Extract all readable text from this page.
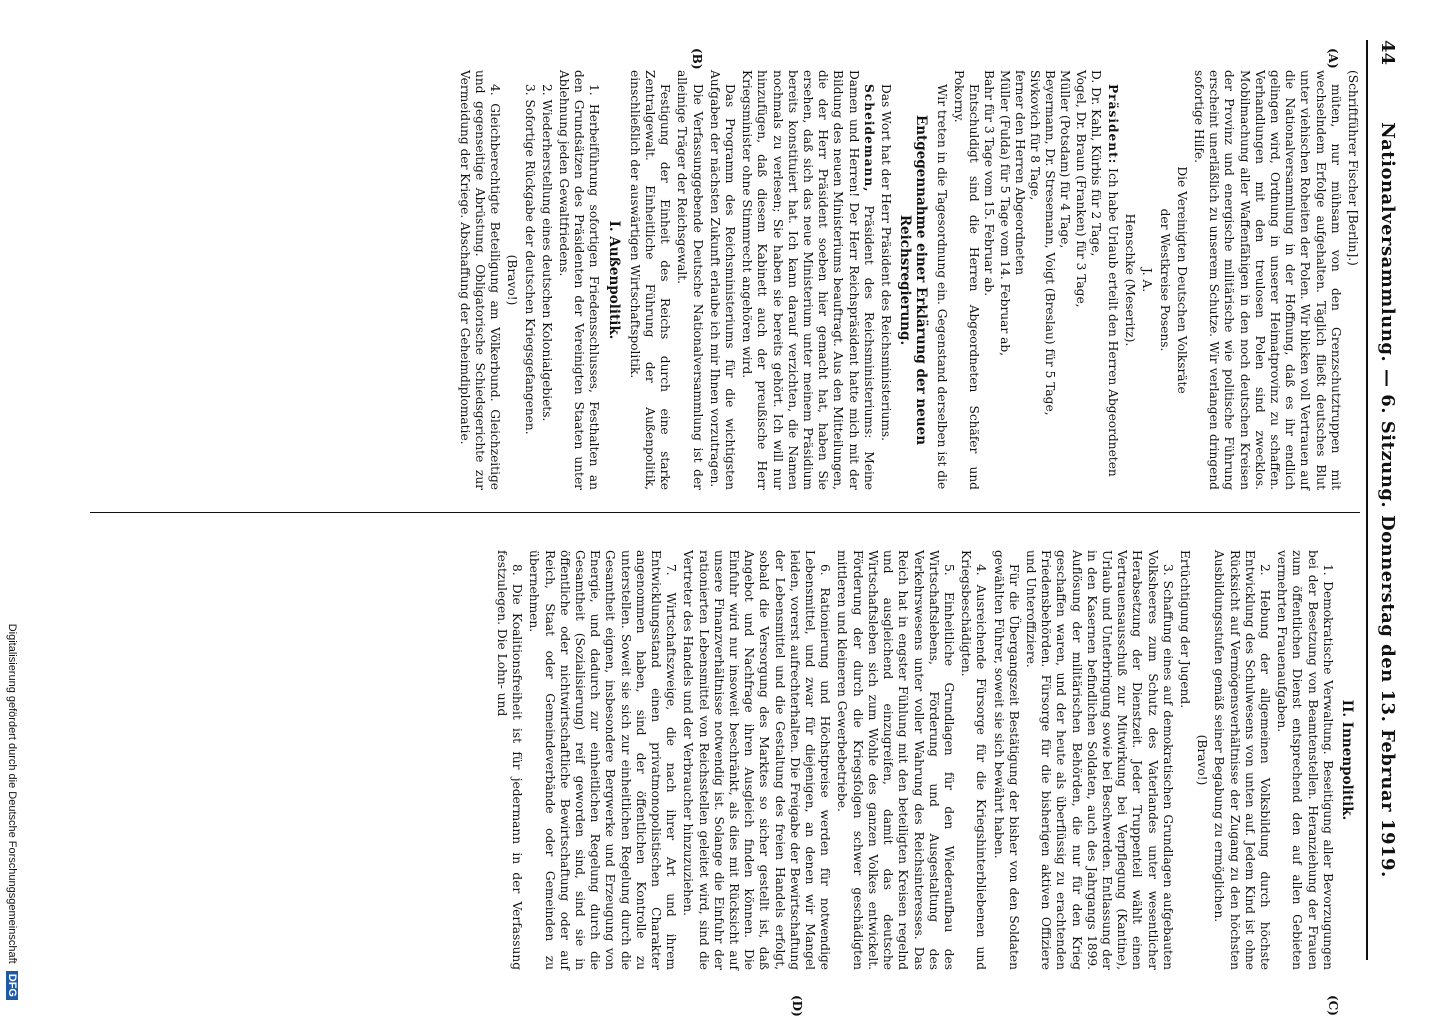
Digitalisierung gefördert durch die Deutsche Forschungsgemeinschaft DFG
44
Nationalversammlung. — 6. Sitzung. Donnerstag den 13. Februar 1919.
(A)
(B)
(C)
(D)

(Schriftführer Fischer [Berlin].)

müten, nur mühsam von den Grenzschutztruppen mit wechselndem Erfolge aufgehalten. Täglich fließt deutsches Blut unter viehischen Roheiten der Polen. Wir blicken voll Vertrauen auf die Nationalversammlung in der Hoffnung, daß es ihr endlich gelingen wird, Ordnung in unserer Heimatprovinz zu schaffen. Verhandlungen mit den treulosen Polen sind zwecklos. Mobilmachung aller Waffenfähigen in den noch deutschen Kreisen der Provinz und energische militärische wie politische Führung erscheint unerläßlich zu unserem Schutze. Wir verlangen dringend sofortige Hilfe.

Die Vereinigten Deutschen Volksräte

der Westkreise Posens.

J. A.

Henschke (Meseritz).

Präsident: Ich habe Urlaub erteilt den Herren Abgeordneten

D. Dr. Kahl, Kürbis für 2 Tage,

Vogel, Dr. Braun (Franken) für 3 Tage,

Müller (Potsdam) für 4 Tage,

Beyermann, Dr. Stresemann, Voigt (Breslau) für 5 Tage,

Sivkovich für 8 Tage,

ferner den Herren Abgeordneten

Müller (Fulda) für 5 Tage vom 14. Februar ab,

Bahr für 3 Tage vom 15. Februar ab.

Entschuldigt sind die Herren Abgeordneten Schäfer und Pokorny.

Wir treten in die Tagesordnung ein. Gegenstand derselben ist die

Entgegennahme einer Erklärung der neuen Reichsregierung.

Das Wort hat der Herr Präsident des Reichsministeriums.

Scheidemann, Präsident des Reichsministeriums: Meine Damen und Herren! Der Herr Reichspräsident hatte mich mit der Bildung des neuen Ministeriums beauftragt. Aus den Mitteilungen, die der Herr Präsident soeben hier gemacht hat, haben Sie ersehen, daß sich das neue Ministerium unter meinem Präsidium bereits konstituiert hat. Ich kann darauf verzichten, die Namen nochmals zu verlesen; Sie haben sie bereits gehört. Ich will nur hinzufügen, daß diesem Kabinett auch der preußische Herr Kriegsminister ohne Stimmrecht angehören wird.

Das Programm des Reichsministeriums für die wichtigsten Aufgaben der nächsten Zukunft erlaube ich mir Ihnen vorzutragen.

Die Verfassunggebende Deutsche Nationalversammlung ist der alleinige Träger der Reichsgewalt.

Festigung der Einheit des Reichs durch eine starke Zentralgewalt. Einheitliche Führung der Außenpolitik, einschließlich der auswärtigen Wirtschaftspolitik.

I. Außenpolitik.

1. Herbeiführung sofortigen Friedensschlusses, Festhalten an den Grundsätzen des Präsidenten der Vereinigten Staaten unter Ablehnung jeden Gewaltfriedens.

2. Wiederherstellung eines deutschen Kolonialgebiets.

3. Sofortige Rückgabe der deutschen Kriegsgefangenen.

(Bravo!)

4. Gleichberechtigte Beteiligung am Völkerbund. Gleichzeitige und gegenseitige Abrüstung. Obligatorische Schiedsgerichte zur Vermeidung der Kriege. Abschaffung der Geheimdiplomatie.

II. Innenpolitik.

1. Demokratische Verwaltung. Beseitigung aller Bevorzugungen bei der Besetzung von Beamtenstellen. Heranziehung der Frauen zum öffentlichen Dienst entsprechend den auf allen Gebieten vermehrten Frauenaufgaben.

2. Hebung der allgemeinen Volksbildung durch höchste Entwicklung des Schulwesens von unten auf. Jedem Kind ist ohne Rücksicht auf Vermögensverhältnisse der Zugang zu den höchsten Ausbildungsstufen gemäß seiner Begabung zu ermöglichen.

(Bravo!)

Ertüchtigung der Jugend.

3. Schaffung eines auf demokratischen Grundlagen aufgebauten Volksheeres zum Schutz des Vaterlandes unter wesentlicher Herabsetzung der Dienstzeit. Jeder Truppenteil wählt einen Vertrauensausschuß zur Mitwirkung bei Verpflegung (Kantine), Urlaub und Unterbringung sowie bei Beschwerden. Entlassung der in den Kasernen befindlichen Soldaten, auch des Jahrgangs 1899. Auflösung der militärischen Behörden, die nur für den Krieg geschaffen waren, und der heute als überflüssig zu erachtenden Friedensbehörden. Fürsorge für die bisherigen aktiven Offiziere und Unteroffiziere.

Für die Übergangszeit Bestätigung der bisher von den Soldaten gewählten Führer, soweit sie sich bewährt haben.

4. Ausreichende Fürsorge für die Kriegshinterbliebenen und Kriegsbeschädigten.

5. Einheitliche Grundlagen für den Wiederaufbau des Wirtschaftslebens, Förderung und Ausgestaltung des Verkehrswesens unter voller Wahrung des Reichsinteresses. Das Reich hat in engster Fühlung mit den beteiligten Kreisen regelnd und ausgleichend einzugreifen, damit das deutsche Wirtschaftsleben sich zum Wohle des ganzen Volkes entwickelt. Förderung der durch die Kriegsfolgen schwer geschädigten mittleren und kleineren Gewerbebetriebe.

6. Rationierung und Höchstpreise werden für notwendige Lebensmittel, und zwar für diejenigen, an denen wir Mangel leiden, vorerst aufrechterhalten. Die Freigabe der Bewirtschaftung der Lebensmittel und die Gestaltung des freien Handels erfolgt, sobald die Versorgung des Marktes so sicher gestellt ist, daß Angebot und Nachfrage ihren Ausgleich finden können. Die Einfuhr wird nur insoweit beschränkt, als dies mit Rücksicht auf unsere Finanzverhältnisse notwendig ist. Solange die Einfuhr der rationierten Lebensmittel von Reichsstellen geleitet wird, sind die Vertreter des Handels und der Verbraucher hinzuzuziehen.

7. Wirtschaftszweige, die nach ihrer Art und ihrem Entwicklungsstand einen privatmonopolistischen Charakter angenommen haben, sind der öffentlichen Kontrolle zu unterstellen. Soweit sie sich zur einheitlichen Regelung durch die Gesamtheit eignen, insbesondere Bergwerke und Erzeugung von Energie, und dadurch zur einheitlichen Regelung durch die Gesamtheit (Sozialisierung) reif geworden sind, sind sie in öffentliche oder nichtwirtschaftliche Bewirtschaftung oder auf Reich, Staat oder Gemeindeverbände oder Gemeinden zu übernehmen.

8. Die Koalitionsfreiheit ist für jedermann in der Verfassung festzulegen. Die Lohn- und
